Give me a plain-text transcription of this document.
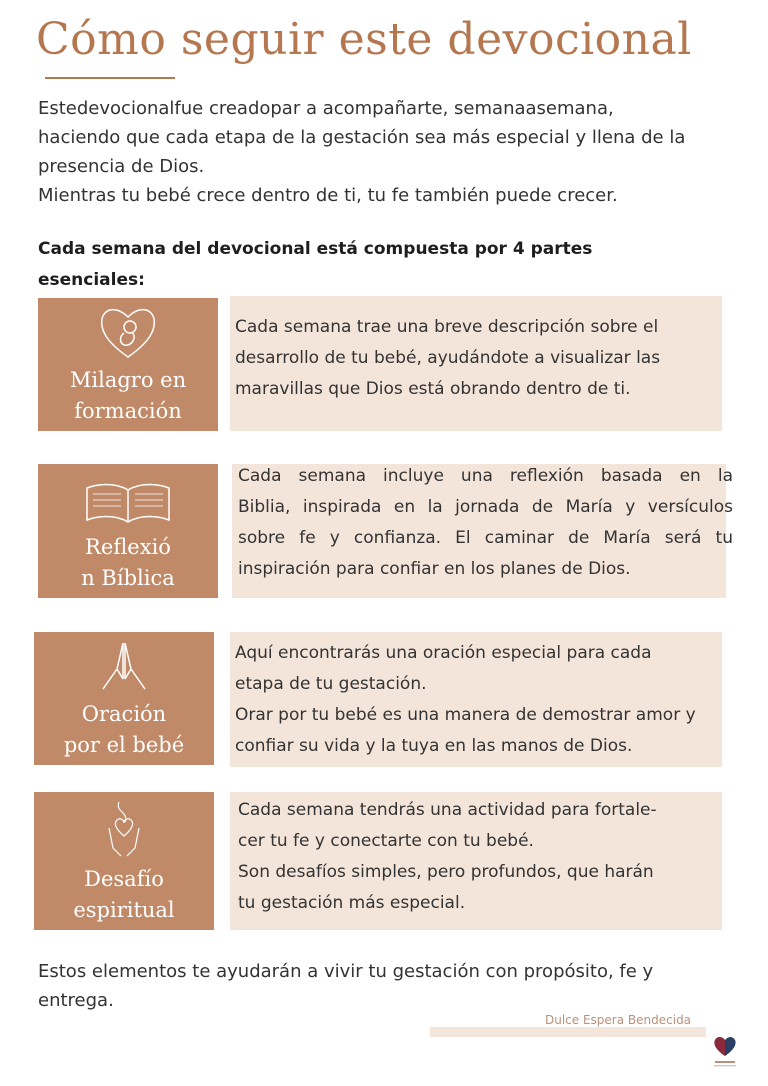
Cómo seguir este devocional

Estedevocionalfue creadopar a acompañarte, semanaasemana,

haciendo que cada etapa de la gestación sea más especial y llena de la

presencia de Dios.

Mientras tu bebé crece dentro de ti, tu fe también puede crecer.

Cada semana del devocional está compuesta por 4 partes esenciales:
Milagro en
formación
Cada semana trae una breve descripción sobre el
desarrollo de tu bebé, ayudándote a visualizar las
maravillas que Dios está obrando dentro de ti.
Reflexió
n Bíblica
Cada semana incluye una reflexión basada en la
Biblia, inspirada en la jornada de María y versículos
sobre fe y confianza. El caminar de María será tu
inspiración para confiar en los planes de Dios.
Oración
por el bebé
Aquí encontrarás una oración especial para cada
etapa de tu gestación.
Orar por tu bebé es una manera de demostrar amor y
confiar su vida y la tuya en las manos de Dios.
Desafío
espiritual
Cada semana tendrás una actividad para fortale-
cer tu fe y conectarte con tu bebé.
Son desafíos simples, pero profundos, que harán
tu gestación más especial.
Estos elementos te ayudarán a vivir tu gestación con propósito, fe y entrega.
Dulce Espera Bendecida
